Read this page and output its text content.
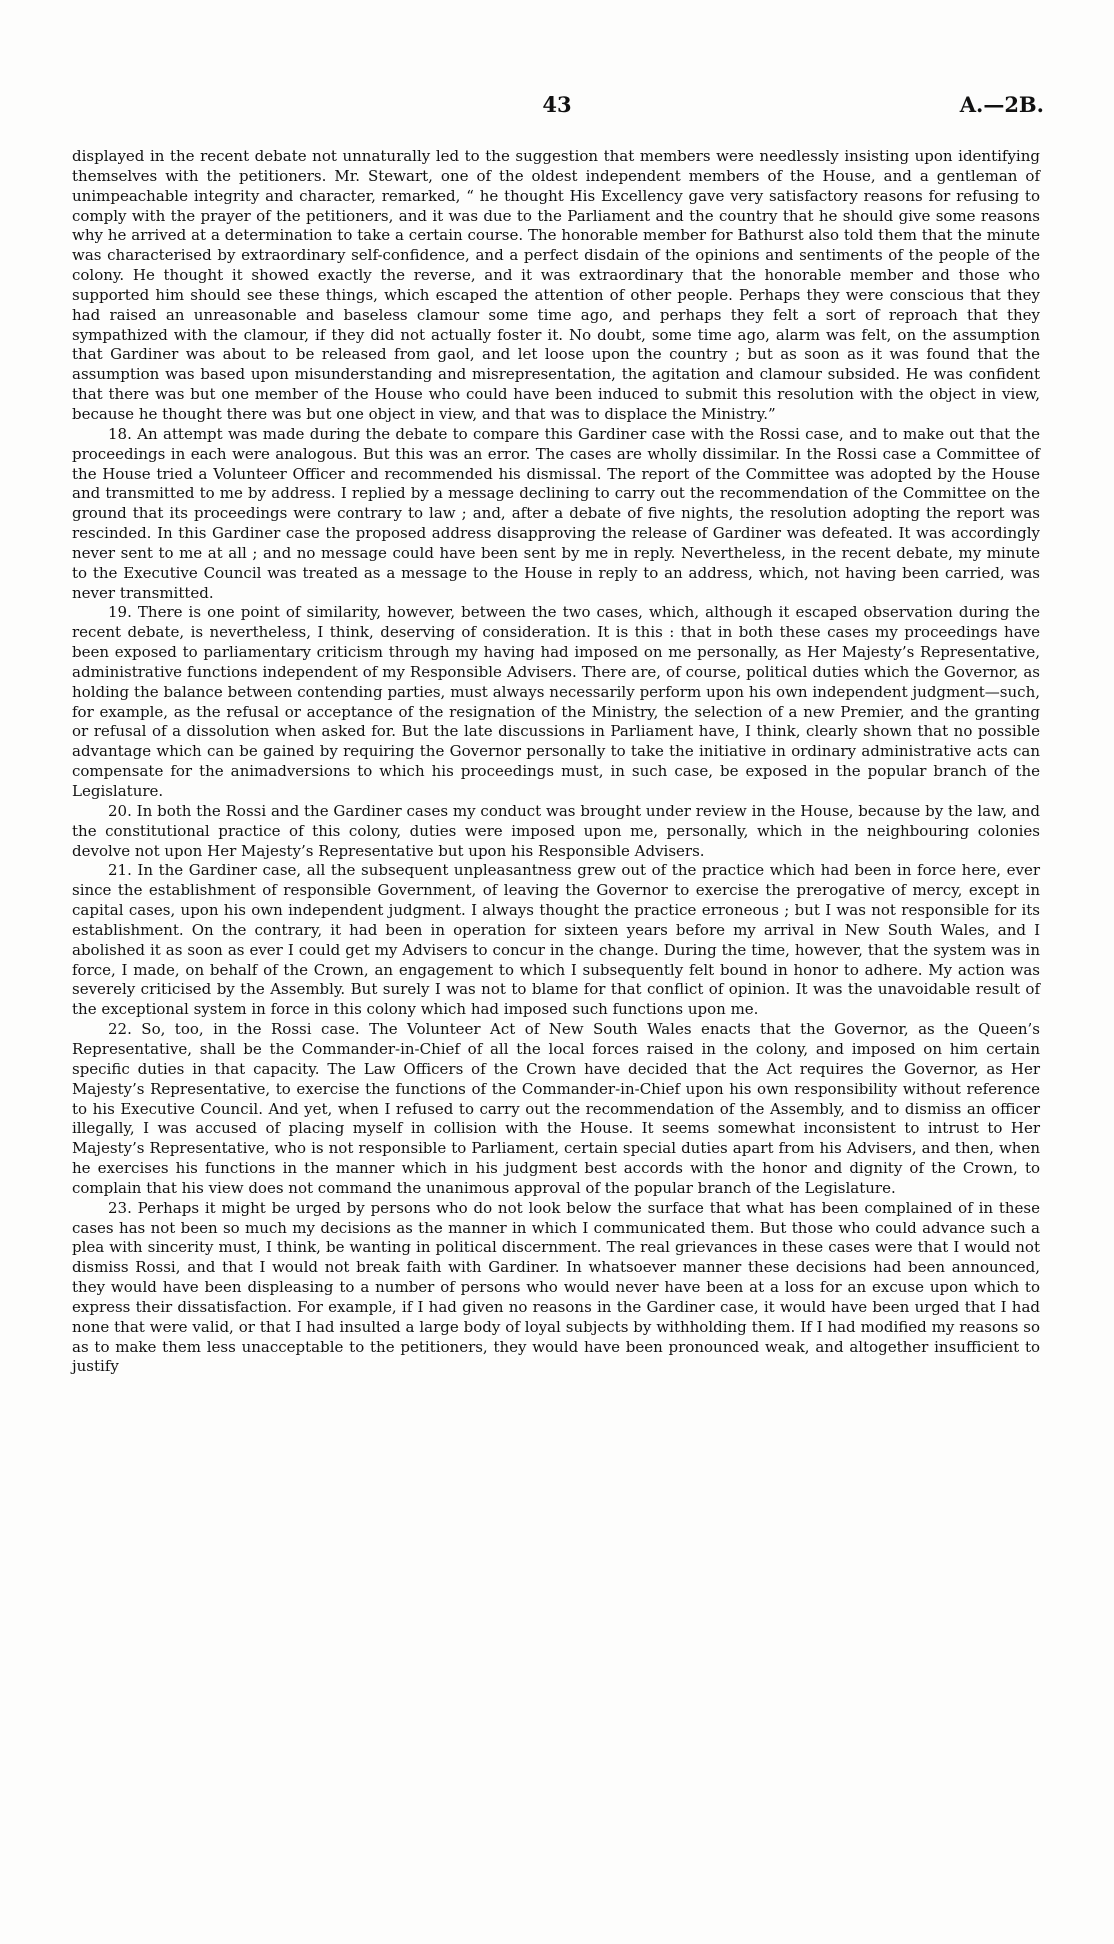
43	A.—2B.

displayed in the recent debate not unnaturally led to the suggestion that members were needlessly insisting upon identifying themselves with the petitioners. Mr. Stewart, one of the oldest independent members of the House, and a gentleman of unimpeachable integrity and character, remarked, “ he thought His Excellency gave very satisfactory reasons for refusing to comply with the prayer of the petitioners, and it was due to the Parliament and the country that he should give some reasons why he arrived at a determination to take a certain course. The honorable member for Bathurst also told them that the minute was characterised by extraordinary self-confidence, and a perfect disdain of the opinions and sentiments of the people of the colony. He thought it showed exactly the reverse, and it was extraordinary that the honorable member and those who supported him should see these things, which escaped the attention of other people. Perhaps they were conscious that they had raised an unreasonable and baseless clamour some time ago, and perhaps they felt a sort of reproach that they sympathized with the clamour, if they did not actually foster it. No doubt, some time ago, alarm was felt, on the assumption that Gardiner was about to be released from gaol, and let loose upon the country ; but as soon as it was found that the assumption was based upon misunderstanding and misrepresentation, the agitation and clamour subsided. He was confident that there was but one member of the House who could have been induced to submit this resolution with the object in view, because he thought there was but one object in view, and that was to displace the Ministry.”

18. An attempt was made during the debate to compare this Gardiner case with the Rossi case, and to make out that the proceedings in each were analogous. But this was an error. The cases are wholly dissimilar. In the Rossi case a Committee of the House tried a Volunteer Officer and recommended his dismissal. The report of the Committee was adopted by the House and transmitted to me by address. I replied by a message declining to carry out the recommendation of the Committee on the ground that its proceedings were contrary to law ; and, after a debate of five nights, the resolution adopting the report was rescinded. In this Gardiner case the proposed address disapproving the release of Gardiner was defeated. It was accordingly never sent to me at all ; and no message could have been sent by me in reply. Nevertheless, in the recent debate, my minute to the Executive Council was treated as a message to the House in reply to an address, which, not having been carried, was never transmitted.

19. There is one point of similarity, however, between the two cases, which, although it escaped observation during the recent debate, is nevertheless, I think, deserving of consideration. It is this : that in both these cases my proceedings have been exposed to parliamentary criticism through my having had imposed on me personally, as Her Majesty’s Representative, administrative functions independent of my Responsible Advisers. There are, of course, political duties which the Governor, as holding the balance between contending parties, must always necessarily perform upon his own independent judgment—such, for example, as the refusal or acceptance of the resignation of the Ministry, the selection of a new Premier, and the granting or refusal of a dissolution when asked for. But the late discussions in Parliament have, I think, clearly shown that no possible advantage which can be gained by requiring the Governor personally to take the initiative in ordinary administrative acts can compensate for the animadversions to which his proceedings must, in such case, be exposed in the popular branch of the Legislature.

20. In both the Rossi and the Gardiner cases my conduct was brought under review in the House, because by the law, and the constitutional practice of this colony, duties were imposed upon me, personally, which in the neighbouring colonies devolve not upon Her Majesty’s Representative but upon his Responsible Advisers.

21. In the Gardiner case, all the subsequent unpleasantness grew out of the practice which had been in force here, ever since the establishment of responsible Government, of leaving the Governor to exercise the prerogative of mercy, except in capital cases, upon his own independent judgment. I always thought the practice erroneous ; but I was not responsible for its establishment. On the contrary, it had been in operation for sixteen years before my arrival in New South Wales, and I abolished it as soon as ever I could get my Advisers to concur in the change. During the time, however, that the system was in force, I made, on behalf of the Crown, an engagement to which I subsequently felt bound in honor to adhere. My action was severely criticised by the Assembly. But surely I was not to blame for that conflict of opinion. It was the unavoidable result of the exceptional system in force in this colony which had imposed such functions upon me.

22. So, too, in the Rossi case. The Volunteer Act of New South Wales enacts that the Governor, as the Queen’s Representative, shall be the Commander-in-Chief of all the local forces raised in the colony, and imposed on him certain specific duties in that capacity. The Law Officers of the Crown have decided that the Act requires the Governor, as Her Majesty’s Representative, to exercise the functions of the Commander-in-Chief upon his own responsibility without reference to his Executive Council. And yet, when I refused to carry out the recommendation of the Assembly, and to dismiss an officer illegally, I was accused of placing myself in collision with the House. It seems somewhat inconsistent to intrust to Her Majesty’s Representative, who is not responsible to Parliament, certain special duties apart from his Advisers, and then, when he exercises his functions in the manner which in his judgment best accords with the honor and dignity of the Crown, to complain that his view does not command the unanimous approval of the popular branch of the Legislature.

23. Perhaps it might be urged by persons who do not look below the surface that what has been complained of in these cases has not been so much my decisions as the manner in which I communicated them. But those who could advance such a plea with sincerity must, I think, be wanting in political discernment. The real grievances in these cases were that I would not dismiss Rossi, and that I would not break faith with Gardiner. In whatsoever manner these decisions had been announced, they would have been displeasing to a number of persons who would never have been at a loss for an excuse upon which to express their dissatisfaction. For example, if I had given no reasons in the Gardiner case, it would have been urged that I had none that were valid, or that I had insulted a large body of loyal subjects by withholding them. If I had modified my reasons so as to make them less unacceptable to the petitioners, they would have been pronounced weak, and altogether insufficient to justify
